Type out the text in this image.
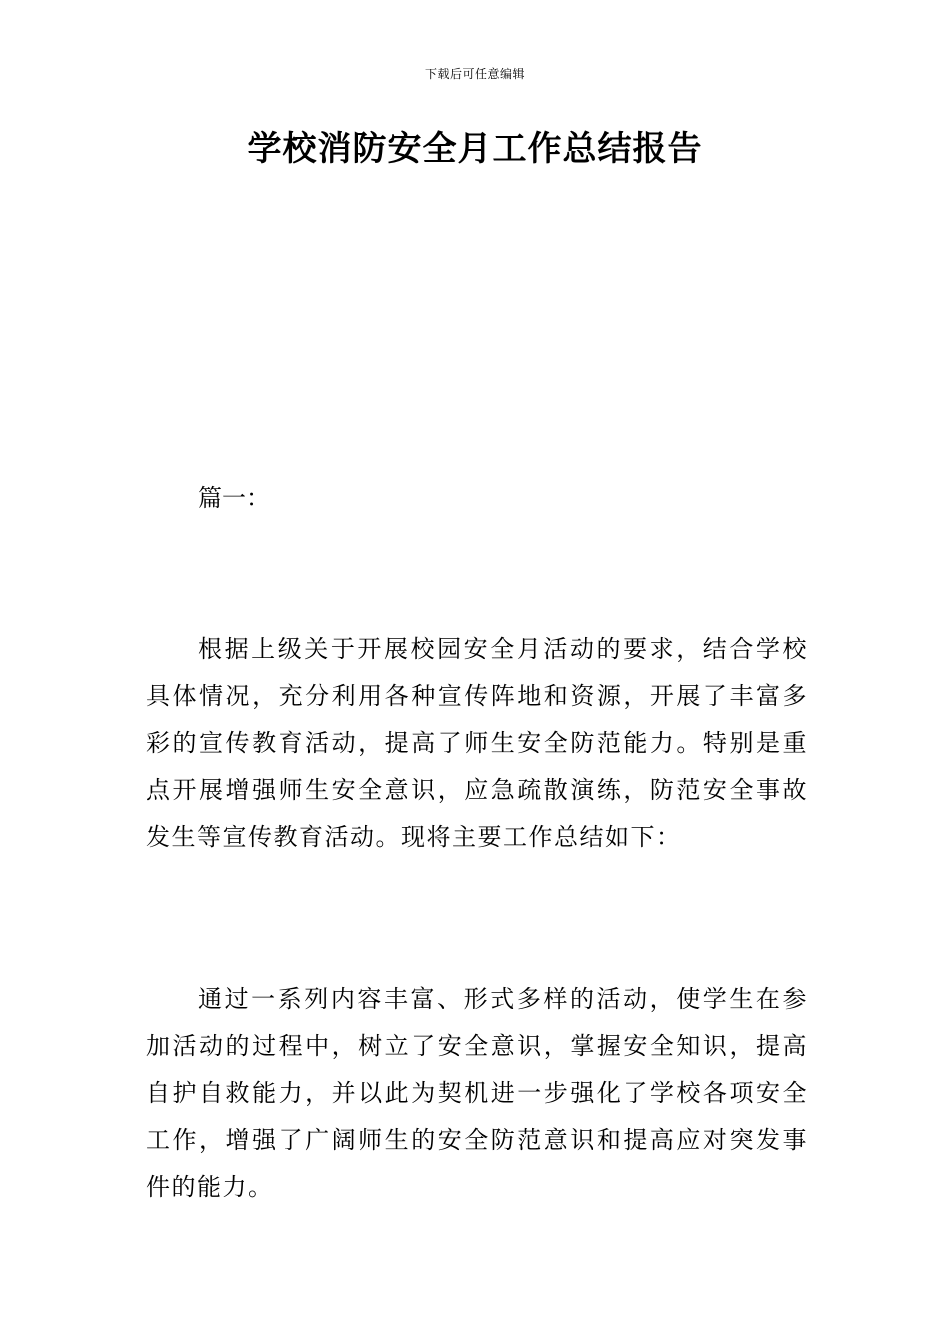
下载后可任意编辑
学校消防安全月工作总结报告
篇一：

根据上级关于开展校园安全月活动的要求，结合学校具体情况，充分利用各种宣传阵地和资源，开展了丰富多彩的宣传教育活动，提高了师生安全防范能力。特别是重点开展增强师生安全意识，应急疏散演练，防范安全事故发生等宣传教育活动。现将主要工作总结如下：

通过一系列内容丰富、形式多样的活动，使学生在参加活动的过程中，树立了安全意识，掌握安全知识，提高自护自救能力，并以此为契机进一步强化了学校各项安全工作，增强了广阔师生的安全防范意识和提高应对突发事件的能力。
